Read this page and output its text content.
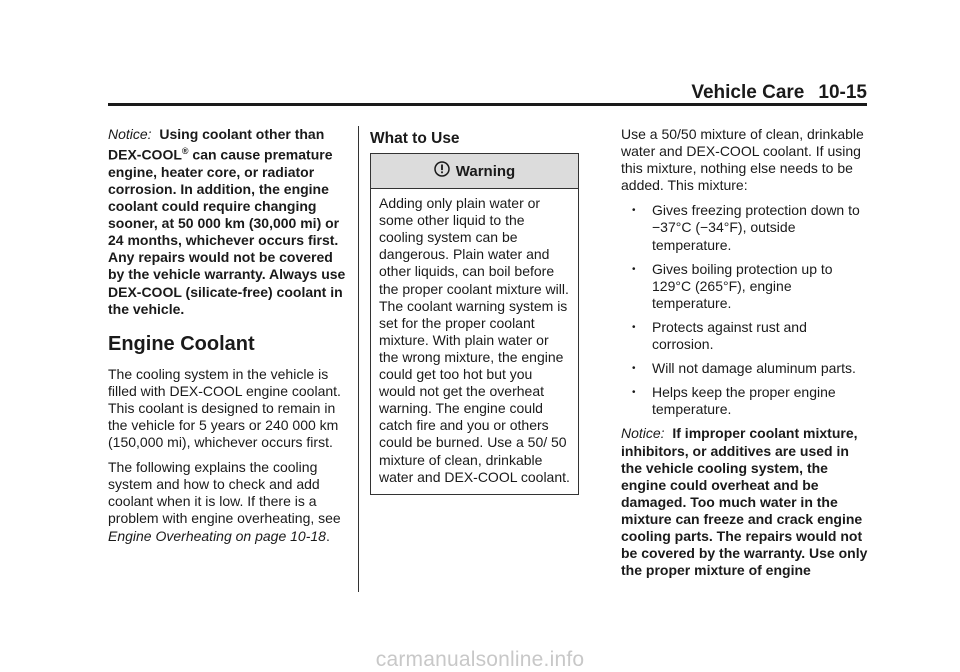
Vehicle Care 10-15

Notice: Using coolant other than DEX-COOL® can cause premature engine, heater core, or radiator corrosion. In addition, the engine coolant could require changing sooner, at 50 000 km (30,000 mi) or 24 months, whichever occurs first. Any repairs would not be covered by the vehicle warranty. Always use DEX-COOL (silicate-free) coolant in the vehicle.

Engine Coolant

The cooling system in the vehicle is filled with DEX-COOL engine coolant. This coolant is designed to remain in the vehicle for 5 years or 240 000 km (150,000 mi), whichever occurs first.

The following explains the cooling system and how to check and add coolant when it is low. If there is a problem with engine overheating, see Engine Overheating on page 10-18.

What to Use
Warning
Adding only plain water or some other liquid to the cooling system can be dangerous. Plain water and other liquids, can boil before the proper coolant mixture will. The coolant warning system is set for the proper coolant mixture. With plain water or the wrong mixture, the engine could get too hot but you would not get the overheat warning. The engine could catch fire and you or others could be burned. Use a 50/ 50 mixture of clean, drinkable water and DEX-COOL coolant.

Use a 50/50 mixture of clean, drinkable water and DEX-COOL coolant. If using this mixture, nothing else needs to be added. This mixture:

• Gives freezing protection down to −37°C (−34°F), outside temperature.
• Gives boiling protection up to 129°C (265°F), engine temperature.
• Protects against rust and corrosion.
• Will not damage aluminum parts.
• Helps keep the proper engine temperature.

Notice: If improper coolant mixture, inhibitors, or additives are used in the vehicle cooling system, the engine could overheat and be damaged. Too much water in the mixture can freeze and crack engine cooling parts. The repairs would not be covered by the warranty. Use only the proper mixture of engine

carmanualsonline.info
